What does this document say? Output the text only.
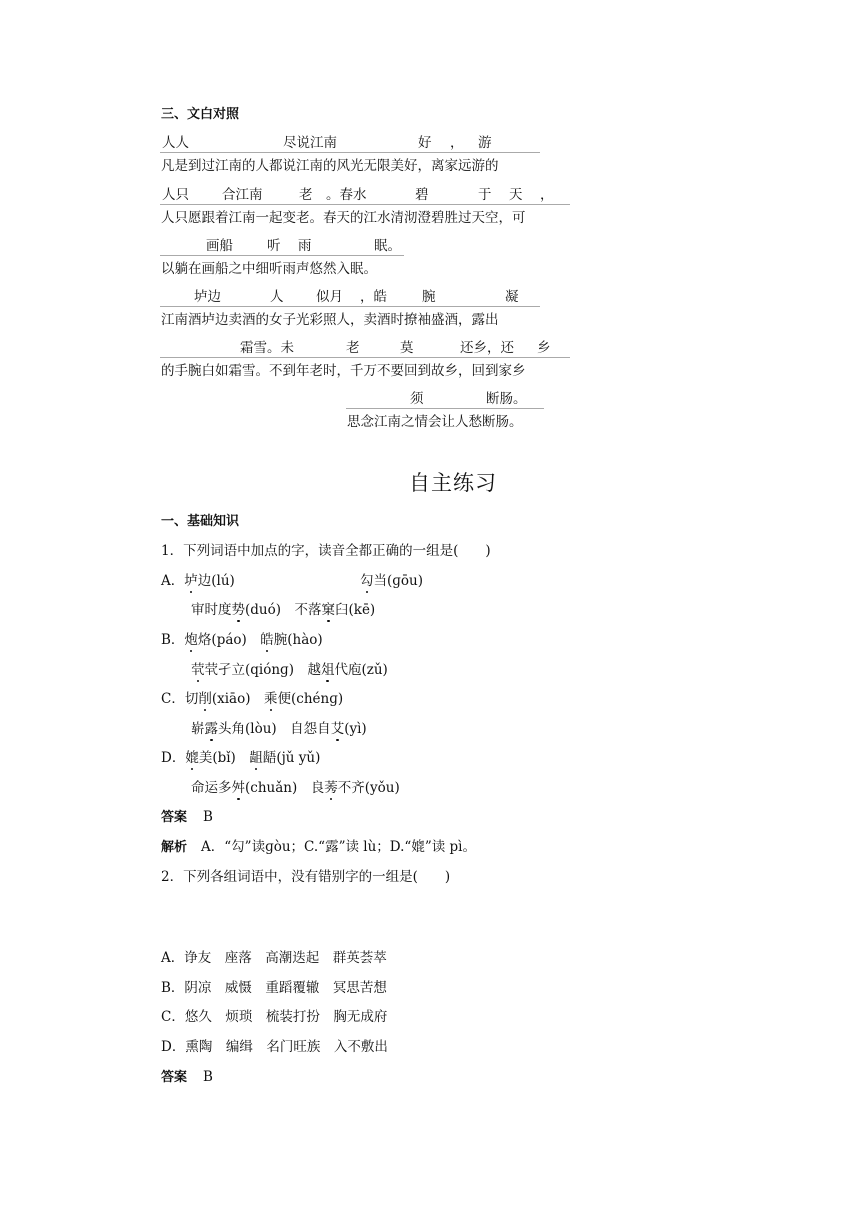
三、文白对照
人人	尽说江南	好 ， 游
凡是到过江南的人都说江南的风光无限美好，离家远游的
人只 合江南	老 。春水	碧	于 天 ，
人只愿跟着江南一起变老。春天的江水清沏澄碧胜过天空，可
画船	听 雨	眠。
以躺在画船之中细听雨声悠然入眠。
垆边	人 似月 ，皓	腕	凝
江南酒垆边卖酒的女子光彩照人，卖酒时撩袖盛酒，露出
霜雪。未	老	莫	还乡，还 乡
的手腕白如霜雪。不到年老时，千万不要回到故乡，回到家乡
须	断肠。
思念江南之情会让人愁断肠。
自主练习
一、基础知识
1．下列词语中加点的字，读音全都正确的一组是(　　)
A．垆边(lú)	勾当(ɡōu)
审时度势(duó)　不落窠臼(kē)
B．炮烙(páo)　皓腕(hào)
茕茕孑立(qiónɡ)　越俎代庖(zǔ)
C．切削(xiāo)　乘便(chénɡ)
崭露头角(lòu)　自怨自艾(yì)
D．媲美(bǐ)　龃龉(jǔ yǔ)
命运多舛(chuǎn)　良莠不齐(yǒu)
答案 B
解析 A．“勾”读ɡòu；C.“露”读 lù；D.“媲”读 pì。
2．下列各组词语中，没有错别字的一组是(　　)
A．诤友　座落　高潮迭起　群英荟萃
B．阴凉　威慑　重蹈覆辙　冥思苦想
C．悠久　烦琐　梳装打扮　胸无成府
D．熏陶　编缉　名门旺族　入不敷出
答案 B
